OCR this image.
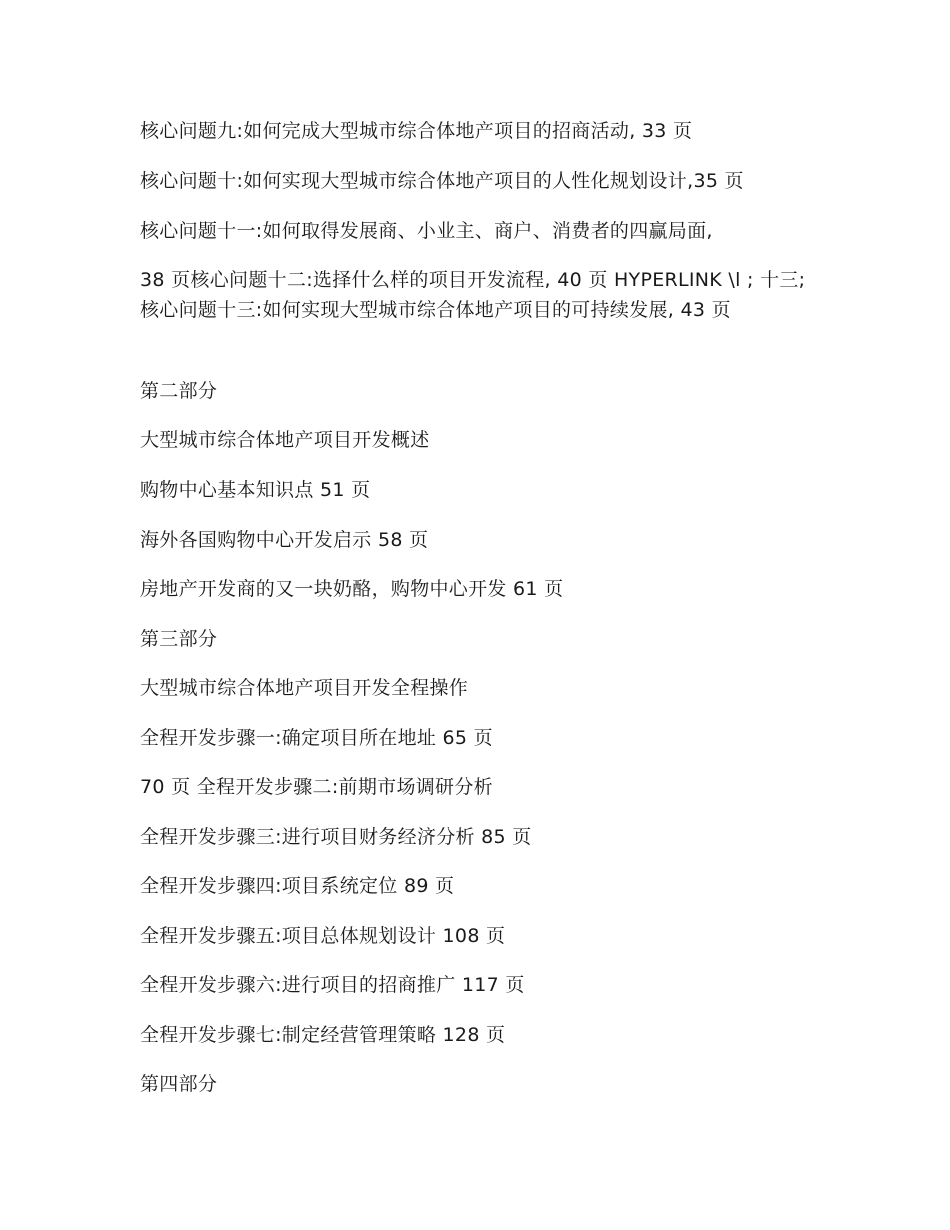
核心问题九:如何完成大型城市综合体地产项目的招商活动, 33 页
核心问题十:如何实现大型城市综合体地产项目的人性化规划设计,35 页
核心问题十一:如何取得发展商、小业主、商户、消费者的四赢局面,
38 页核心问题十二:选择什么样的项目开发流程, 40 页 HYPERLINK \l ; 十三; 核心问题十三:如何实现大型城市综合体地产项目的可持续发展, 43 页
第二部分
大型城市综合体地产项目开发概述
购物中心基本知识点 51 页
海外各国购物中心开发启示 58 页
房地产开发商的又一块奶酪，购物中心开发 61 页
第三部分
大型城市综合体地产项目开发全程操作
全程开发步骤一:确定项目所在地址 65 页
70 页 全程开发步骤二:前期市场调研分析
全程开发步骤三:进行项目财务经济分析 85 页
全程开发步骤四:项目系统定位 89 页
全程开发步骤五:项目总体规划设计 108 页
全程开发步骤六:进行项目的招商推广 117 页
全程开发步骤七:制定经营管理策略 128 页
第四部分
